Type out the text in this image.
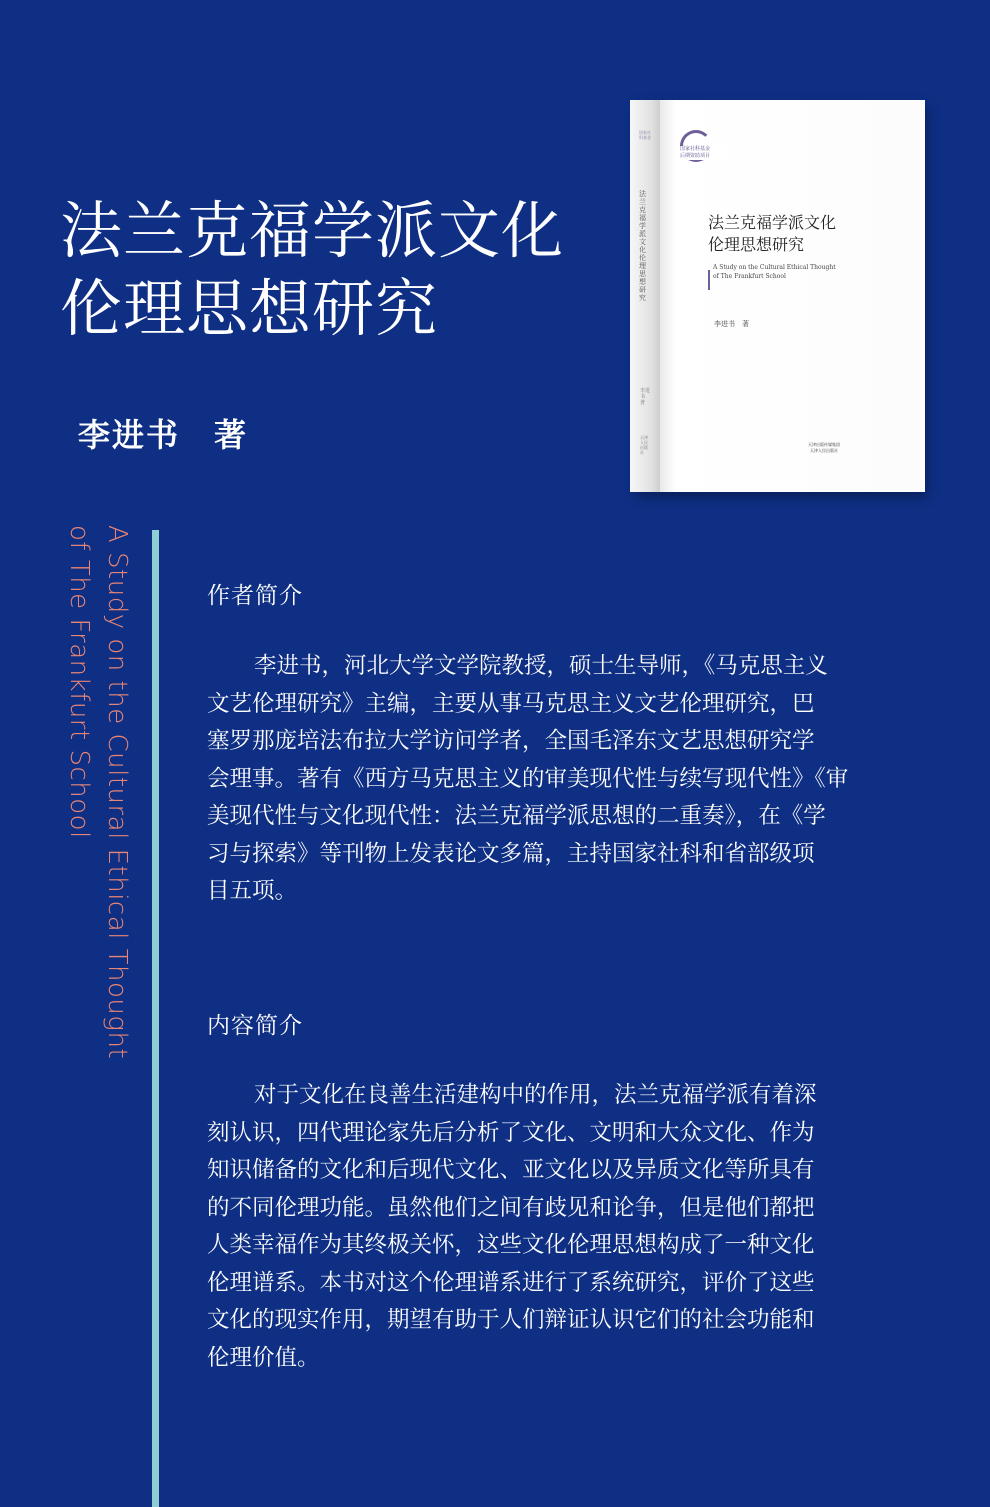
法兰克福学派文化
伦理思想研究
李进书　著
国家社科基金
法兰克福学派文化伦理思想研究
李进书 著
天津人民出版社
国家社科基金
后期资助项目
法兰克福学派文化
伦理思想研究
A Study on the Cultural Ethical Thought
of The Frankfurt School
李进书　著
天津出版传媒集团
天津人民出版社
A Study on the Cultural Ethical Thought
of The Frankfurt School	作者简介
李进书，河北大学文学院教授，硕士生导师，《马克思主义
文艺伦理研究》主编，主要从事马克思主义文艺伦理研究，巴
塞罗那庞培法布拉大学访问学者，全国毛泽东文艺思想研究学
会理事。著有《西方马克思主义的审美现代性与续写现代性》《审
美现代性与文化现代性：法兰克福学派思想的二重奏》，在《学
习与探索》等刊物上发表论文多篇，主持国家社科和省部级项
目五项。
内容简介
对于文化在良善生活建构中的作用，法兰克福学派有着深
刻认识，四代理论家先后分析了文化、文明和大众文化、作为
知识储备的文化和后现代文化、亚文化以及异质文化等所具有
的不同伦理功能。虽然他们之间有歧见和论争，但是他们都把
人类幸福作为其终极关怀，这些文化伦理思想构成了一种文化
伦理谱系。本书对这个伦理谱系进行了系统研究，评价了这些
文化的现实作用，期望有助于人们辩证认识它们的社会功能和
伦理价值。
